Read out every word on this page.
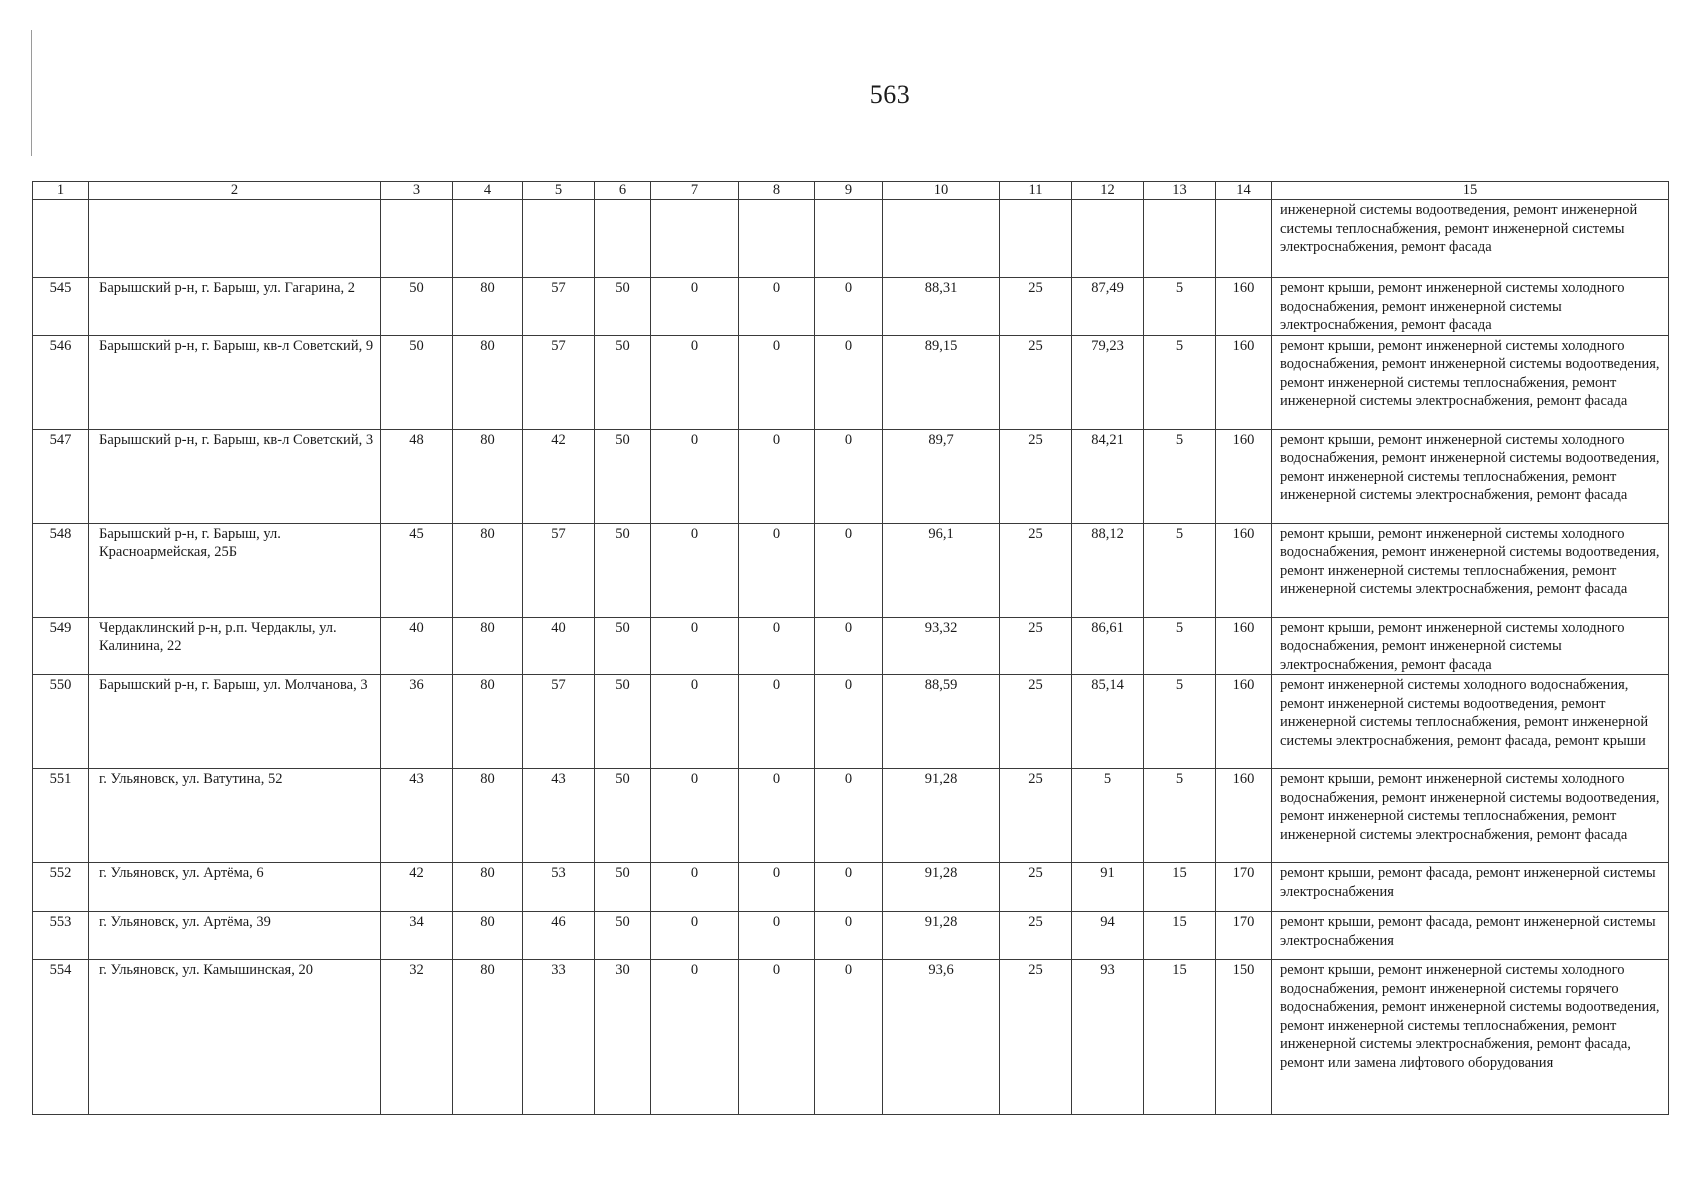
563
1	2	3	4	5	6	7	8	9	10	11	12	13	14	15
														инженерной системы водоотведения, ремонт инженерной системы теплоснабжения, ремонт инженерной системы электроснабжения, ремонт фасада
545	Барышский р-н, г. Барыш, ул. Гагарина, 2	50	80	57	50	0	0	0	88,31	25	87,49	5	160	ремонт крыши, ремонт инженерной системы холодного водоснабжения, ремонт инженерной системы электроснабжения, ремонт фасада
546	Барышский р-н, г. Барыш, кв-л Советский, 9	50	80	57	50	0	0	0	89,15	25	79,23	5	160	ремонт крыши, ремонт инженерной системы холодного водоснабжения, ремонт инженерной системы водоотведения, ремонт инженерной системы теплоснабжения, ремонт инженерной системы электроснабжения, ремонт фасада
547	Барышский р-н, г. Барыш, кв-л Советский, 3	48	80	42	50	0	0	0	89,7	25	84,21	5	160	ремонт крыши, ремонт инженерной системы холодного водоснабжения, ремонт инженерной системы водоотведения, ремонт инженерной системы теплоснабжения, ремонт инженерной системы электроснабжения, ремонт фасада
548	Барышский р-н, г. Барыш, ул. Красноармейская, 25Б	45	80	57	50	0	0	0	96,1	25	88,12	5	160	ремонт крыши, ремонт инженерной системы холодного водоснабжения, ремонт инженерной системы водоотведения, ремонт инженерной системы теплоснабжения, ремонт инженерной системы электроснабжения, ремонт фасада
549	Чердаклинский р-н, р.п. Чердаклы, ул. Калинина, 22	40	80	40	50	0	0	0	93,32	25	86,61	5	160	ремонт крыши, ремонт инженерной системы холодного водоснабжения, ремонт инженерной системы электроснабжения, ремонт фасада
550	Барышский р-н, г. Барыш, ул. Молчанова, 3	36	80	57	50	0	0	0	88,59	25	85,14	5	160	ремонт инженерной системы холодного водоснабжения, ремонт инженерной системы водоотведения, ремонт инженерной системы теплоснабжения, ремонт инженерной системы электроснабжения, ремонт фасада, ремонт крыши
551	г. Ульяновск, ул. Ватутина, 52	43	80	43	50	0	0	0	91,28	25	5	5	160	ремонт крыши, ремонт инженерной системы холодного водоснабжения, ремонт инженерной системы водоотведения, ремонт инженерной системы теплоснабжения, ремонт инженерной системы электроснабжения, ремонт фасада
552	г. Ульяновск, ул. Артёма, 6	42	80	53	50	0	0	0	91,28	25	91	15	170	ремонт крыши, ремонт фасада, ремонт инженерной системы электроснабжения
553	г. Ульяновск, ул. Артёма, 39	34	80	46	50	0	0	0	91,28	25	94	15	170	ремонт крыши, ремонт фасада, ремонт инженерной системы электроснабжения
554	г. Ульяновск, ул. Камышинская, 20	32	80	33	30	0	0	0	93,6	25	93	15	150	ремонт крыши, ремонт инженерной системы холодного водоснабжения, ремонт инженерной системы горячего водоснабжения, ремонт инженерной системы водоотведения, ремонт инженерной системы теплоснабжения, ремонт инженерной системы электроснабжения, ремонт фасада, ремонт или замена лифтового оборудования
